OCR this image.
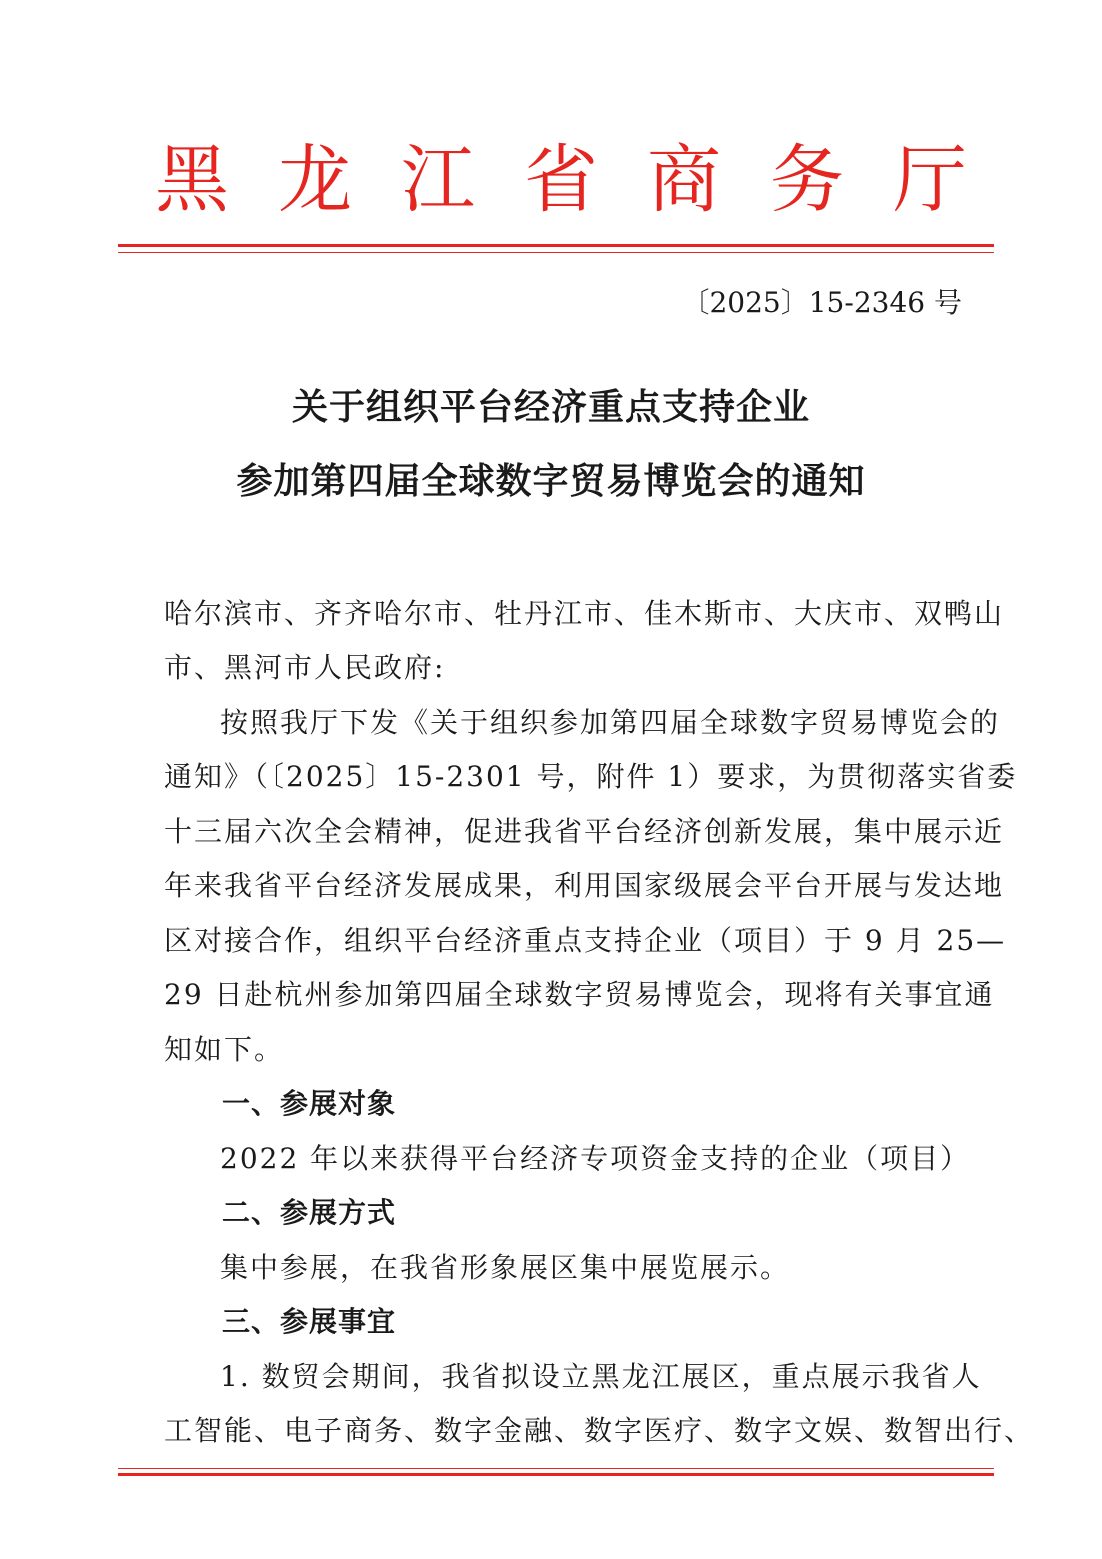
黑 龙 江 省 商 务 厅
〔2025〕15-2346 号
关于组织平台经济重点支持企业
参加第四届全球数字贸易博览会的通知
哈尔滨市、齐齐哈尔市、牡丹江市、佳木斯市、大庆市、双鸭山
市、黑河市人民政府:
按照我厅下发《关于组织参加第四届全球数字贸易博览会的
通知》（〔2025〕15-2301 号，附件 1）要求，为贯彻落实省委
十三届六次全会精神，促进我省平台经济创新发展，集中展示近
年来我省平台经济发展成果，利用国家级展会平台开展与发达地
区对接合作，组织平台经济重点支持企业（项目）于 9 月 25—
29 日赴杭州参加第四届全球数字贸易博览会，现将有关事宜通
知如下。
一、参展对象
2022 年以来获得平台经济专项资金支持的企业（项目）
二、参展方式
集中参展，在我省形象展区集中展览展示。
三、参展事宜
1. 数贸会期间，我省拟设立黑龙江展区，重点展示我省人
工智能、电子商务、数字金融、数字医疗、数字文娱、数智出行、
